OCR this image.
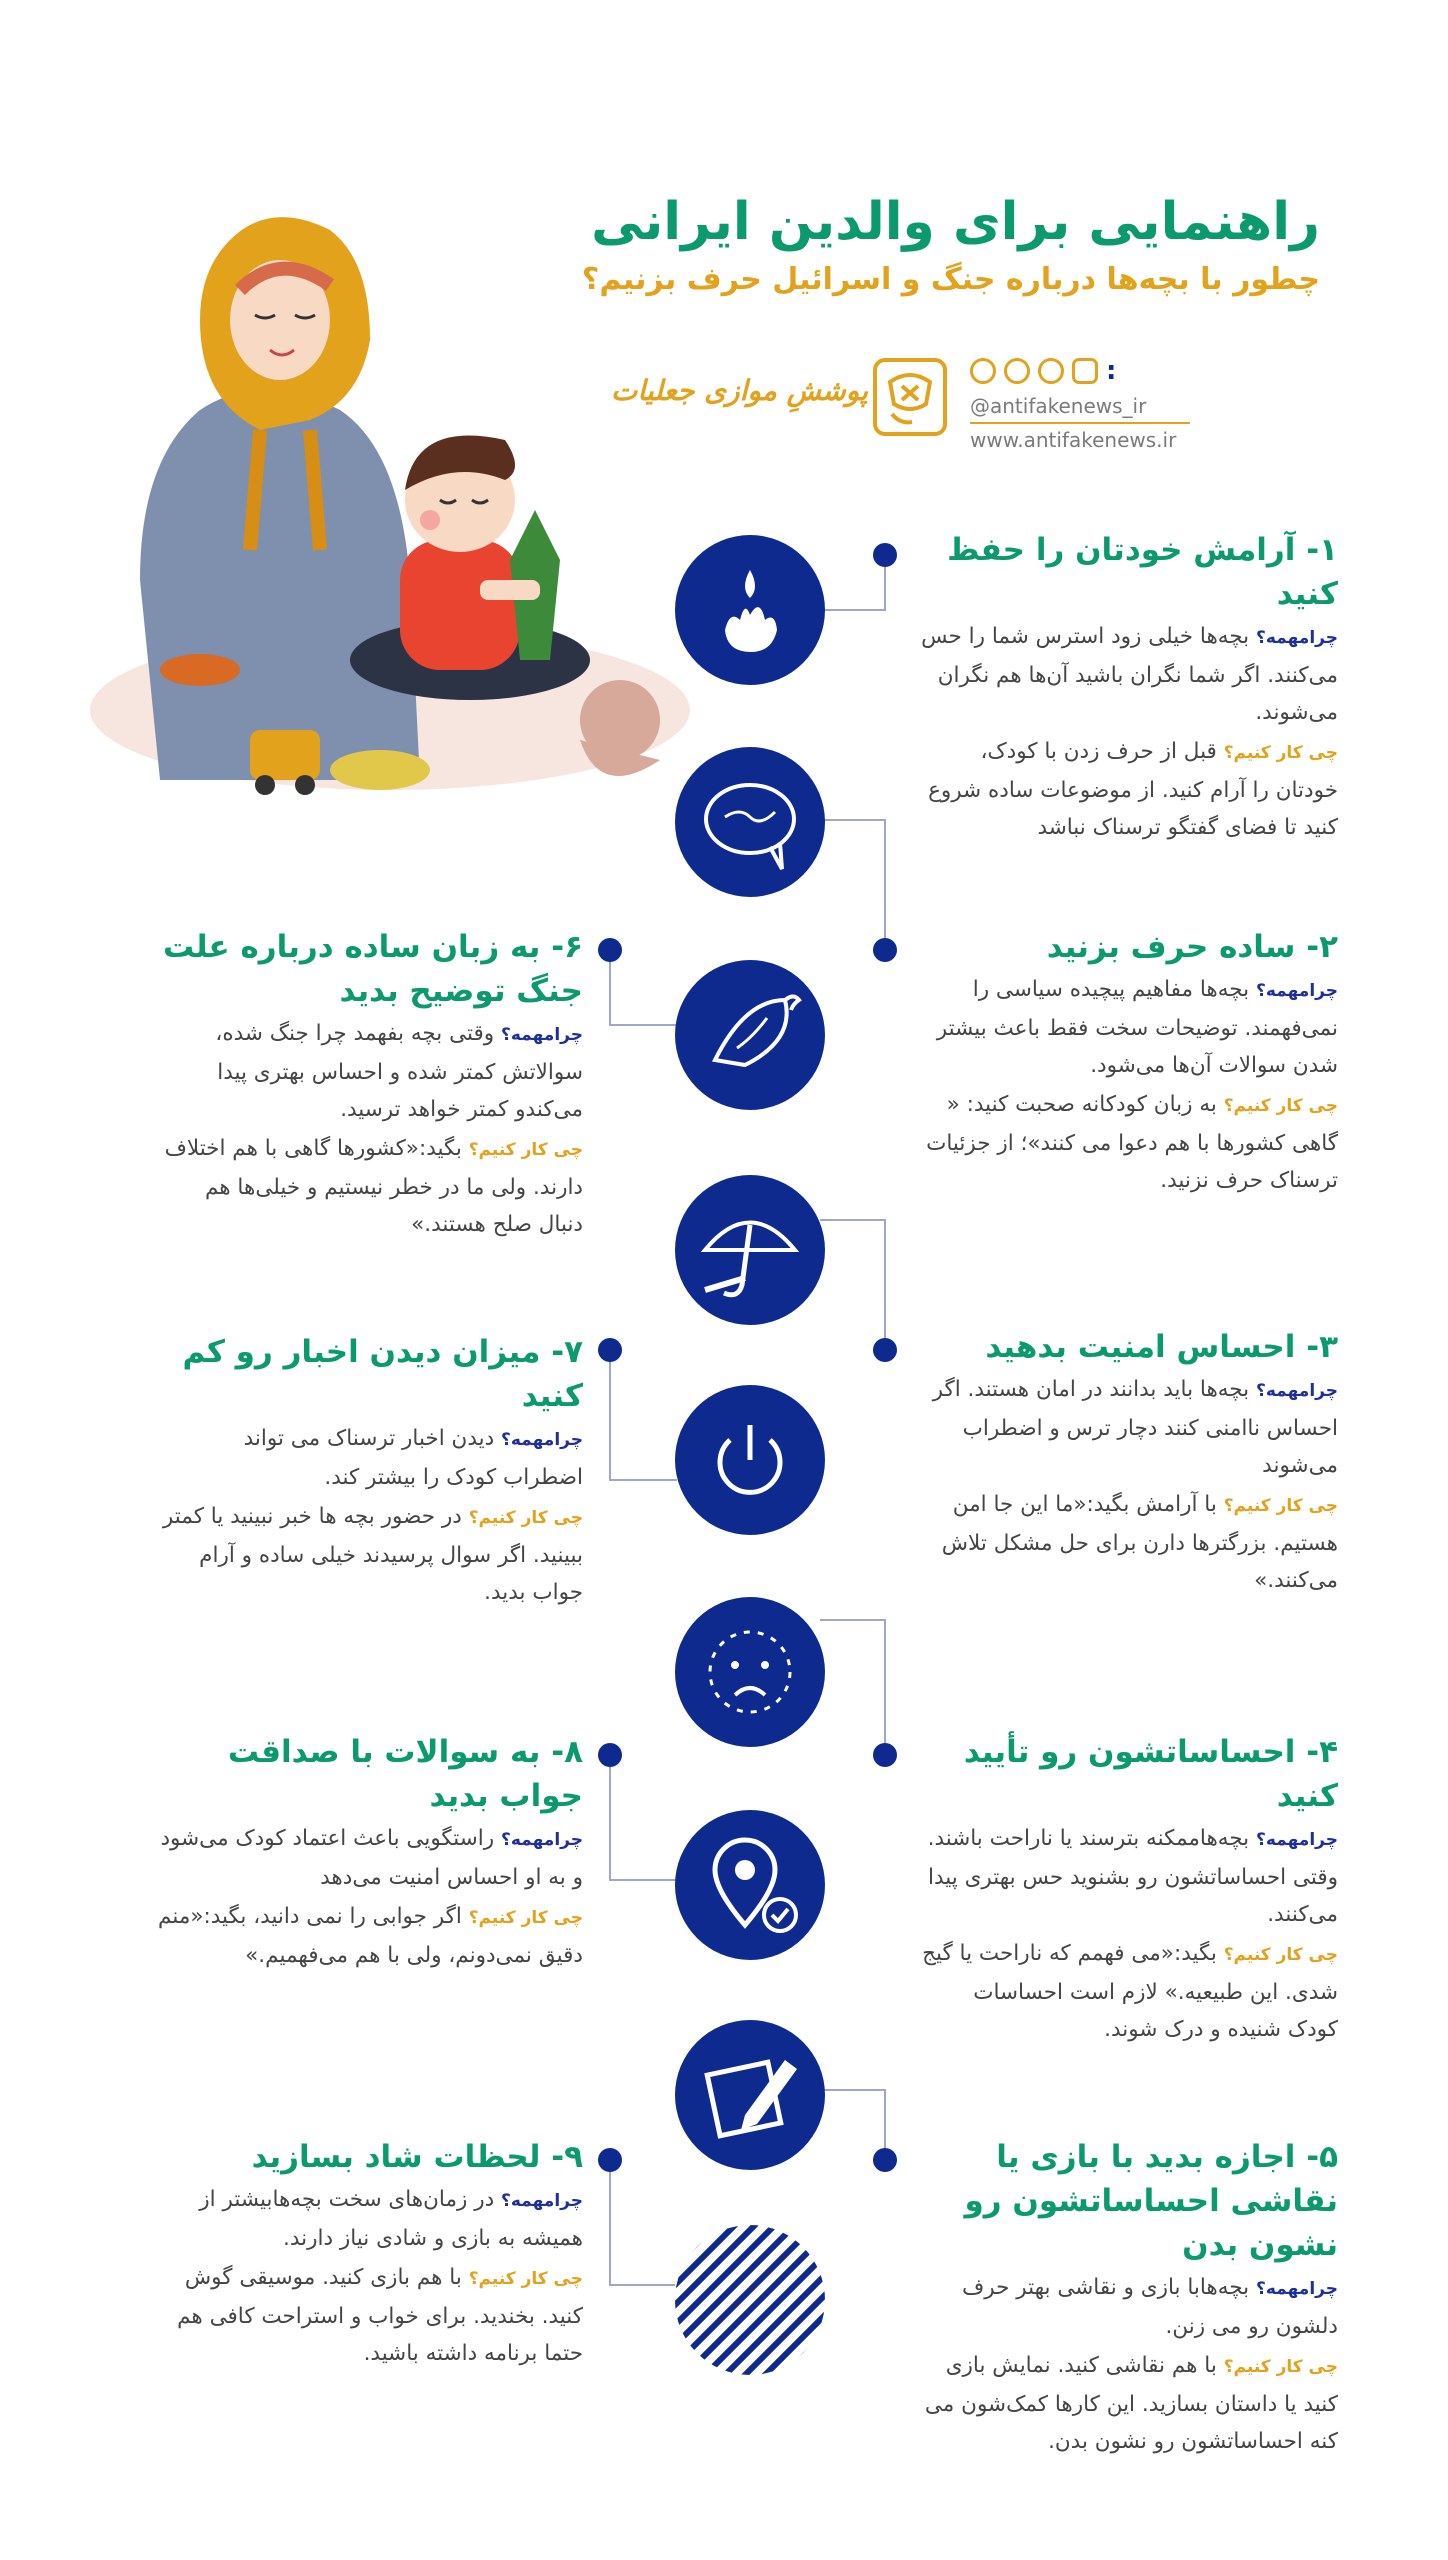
راهنمایی برای والدین ایرانی
چطور با بچه‌ها درباره جنگ و اسرائیل حرف بزنیم؟
پوششِ موازی جعلیات
:
@antifakenews_ir
www.antifakenews.ir
۱- آرامش خودتان را حفظ کنید

چرا‌مهمه؟ بچه‌ها خیلی زود استرس شما را حس می‌کنند. اگر شما نگران باشید آن‌ها هم نگران می‌شوند.

چی کار کنیم؟ قبل از حرف زدن با کودک، خودتان را آرام کنید. از موضوعات ساده شروع کنید تا فضای گفتگو ترسناک نباشد

۲- ساده حرف بزنید

چرا‌مهمه؟ بچه‌ها مفاهیم پیچیده سیاسی را نمی‌فهمند. توضیحات سخت فقط باعث بیشتر شدن سوالات آن‌ها می‌شود.

چی کار کنیم؟ به زبان کودکانه صحبت کنید: « گاهی کشورها با هم دعوا می کنند»؛ از جزئیات ترسناک حرف نزنید.

۳- احساس امنیت بدهید

چرا‌مهمه؟ بچه‌ها باید بدانند در امان هستند. اگر احساس ناامنی کنند دچار ترس و اضطراب می‌شوند

چی کار کنیم؟ با آرامش بگید:«ما این جا امن هستیم. بزرگترها دارن برای حل مشکل تلاش می‌کنند.»

۴- احساساتشون رو تأیید کنید

چرا‌مهمه؟ بچه‌هاممکنه بترسند یا ناراحت باشند. وقتی احساساتشون رو بشنوید حس بهتری پیدا می‌کنند.

چی کار کنیم؟ بگید:«می فهمم که ناراحت یا گیج شدی. این طبیعیه.» لازم است احساسات کودک شنیده و درک شوند.

۵- اجازه بدید با بازی یا نقاشی احساساتشون رو نشون بدن

چرا‌مهمه؟ بچه‌هابا بازی و نقاشی بهتر حرف دلشون رو می زنن.

چی کار کنیم؟ با هم نقاشی کنید. نمایش بازی کنید یا داستان بسازید. این کارها کمک‌شون می کنه احساساتشون رو نشون بدن.

۶- به زبان ساده درباره علت جنگ توضیح بدید

چرا‌مهمه؟ وقتی بچه بفهمد چرا جنگ شده، سوالاتش کمتر شده و احساس بهتری پیدا می‌کندو کمتر خواهد ترسید.

چی کار کنیم؟ بگید:«کشورها گاهی با هم اختلاف دارند. ولی ما در خطر نیستیم و خیلی‌ها هم دنبال صلح هستند.»

۷- میزان دیدن اخبار رو کم کنید

چرا‌مهمه؟ دیدن اخبار ترسناک می تواند اضطراب کودک را بیشتر کند.

چی کار کنیم؟ در حضور بچه ها خبر نبینید یا کمتر ببینید. اگر سوال پرسیدند خیلی ساده و آرام جواب بدید.

۸- به سوالات با صداقت جواب بدید

چرا‌مهمه؟ راستگویی باعث اعتماد کودک می‌شود و به او احساس امنیت می‌دهد

چی کار کنیم؟ اگر جوابی را نمی دانید، بگید:«منم دقیق نمی‌دونم، ولی با هم می‌فهمیم.»

۹- لحظات شاد بسازید

چرا‌مهمه؟ در زمان‌های سخت بچه‌هابیشتر از همیشه به بازی و شادی نیاز دارند.

چی کار کنیم؟ با هم بازی کنید. موسیقی گوش کنید. بخندید. برای خواب و استراحت کافی هم حتما برنامه داشته باشید.
